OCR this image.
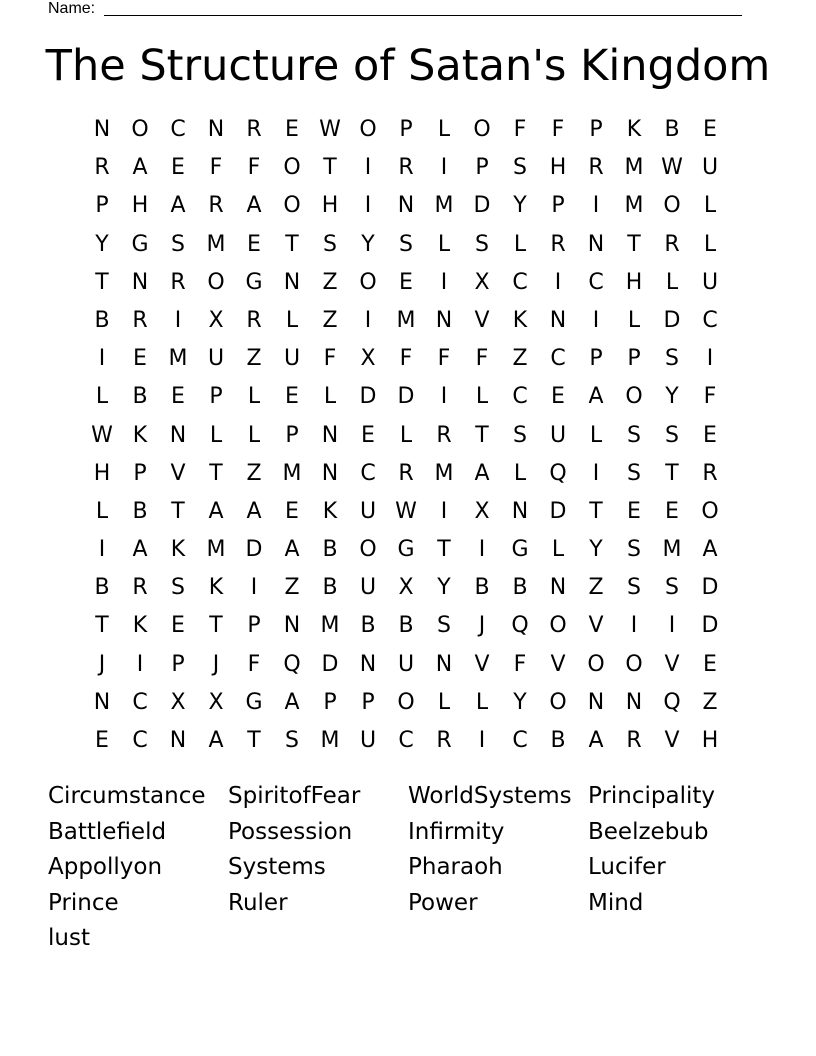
Name:
The Structure of Satan's Kingdom
N O C	N	R	E W O	P	L	O	F	F	P	K	B	E
R	A	E	F	F	O	T	I	R	I	P	S	H	R M W U
P	H	A	R	A O H	I	N M D	Y	P	I	M O	L
Y	G	S M E	T	S	Y	S	L	S	L	R	N	T	R	L
T	N	R O G N	Z O	E	I	X	C	I	C	H	L	U
B	R	I	X	R	L	Z	I	M N	V	K	N	I	L	D C
I	E M U	Z	U	F	X	F	F	F	Z	C	P	P	S	I
L	B	E	P	L	E	L	D D	I	L	C	E	A O	Y	F
W K	N	L	L	P	N	E	L	R	T	S	U	L	S	S	E
H	P	V	T	Z M N	C	R M A	L	Q	I	S	T	R
L	B	T	A	A	E	K	U W	I	X	N D	T	E	E	O
I	A	K M D	A	B O G	T	I	G	L	Y	S M A
B	R	S	K	I	Z	B	U	X	Y	B	B	N	Z	S	S	D
T	K	E	T	P	N M B	B	S	J	Q O V	I	I	D
J	I	P	J	F	Q D N U N	V	F	V O O V	E
N	C	X	X G A	P	P	O	L	L	Y	O N N Q Z
E	C	N	A	T	S M U	C	R	I	C	B	A	R	V	H
Circumstance SpiritofFear	WorldSystems Principality
Battlefield	Possession	Infirmity	Beelzebub
Appollyon	Systems	Pharaoh	Lucifer
Prince	Ruler	Power	Mind
lust
